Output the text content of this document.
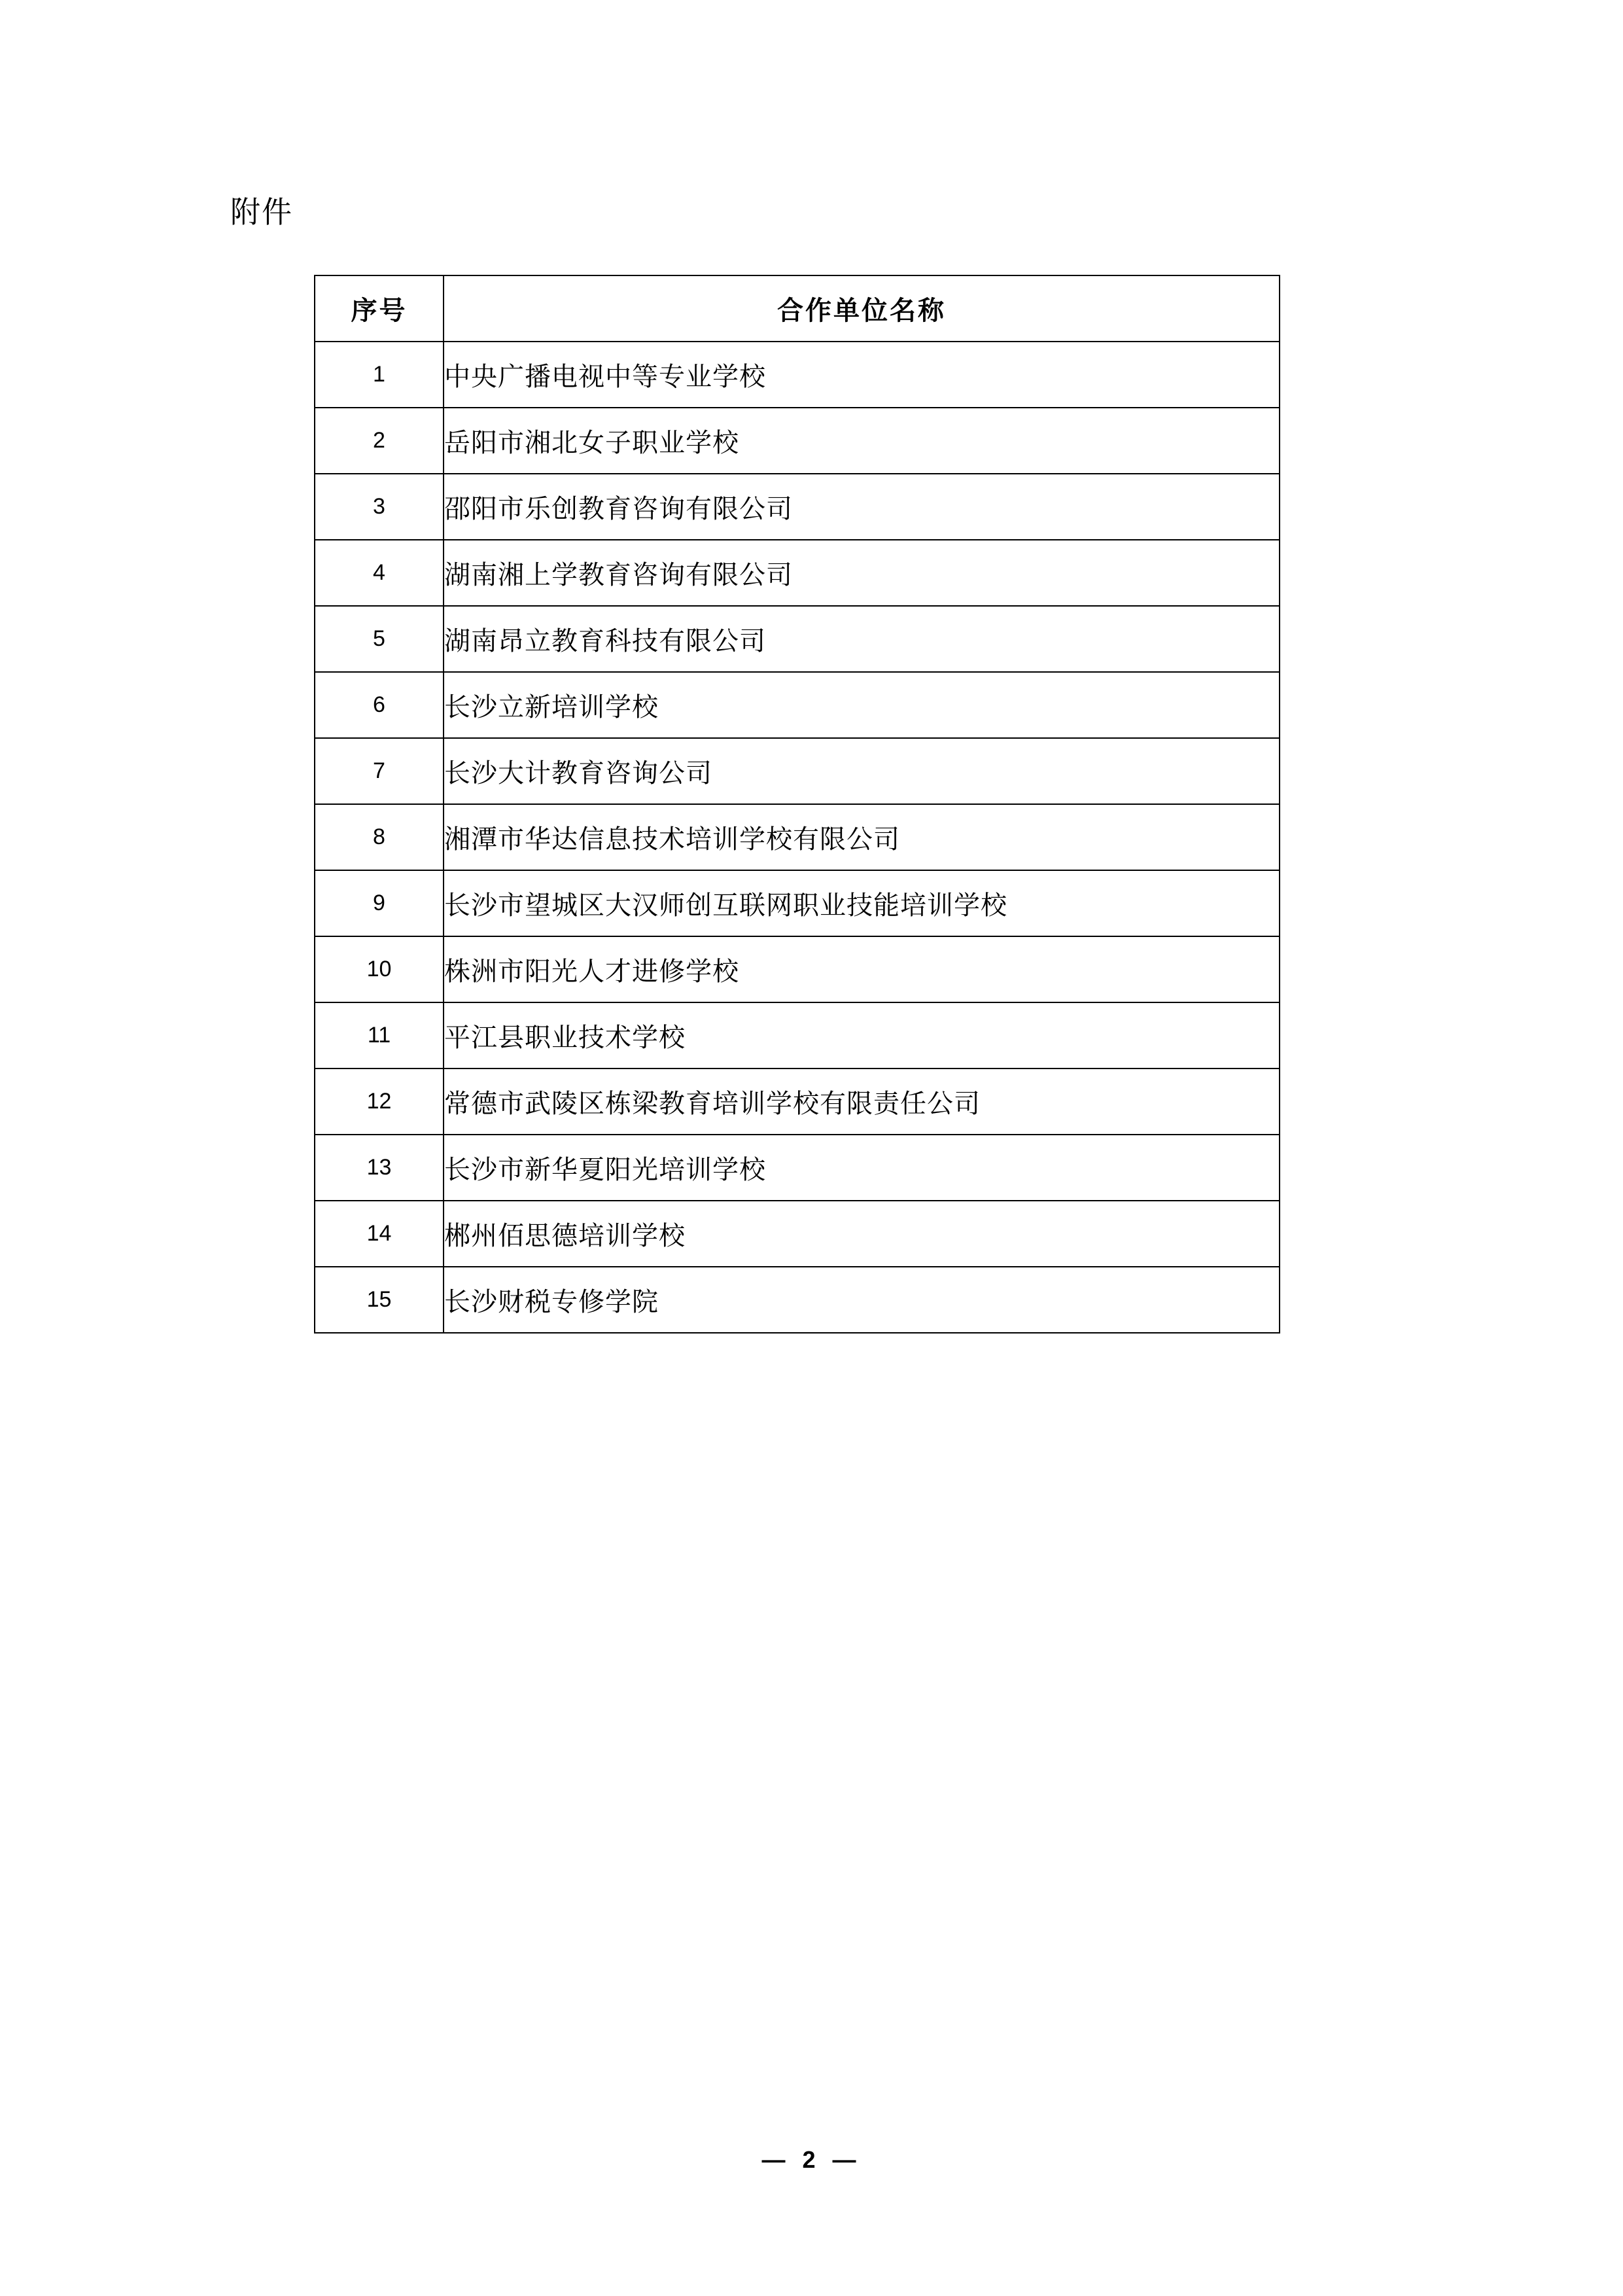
附件
序号	合作单位名称
1	中央广播电视中等专业学校
2	岳阳市湘北女子职业学校
3	邵阳市乐创教育咨询有限公司
4	湖南湘上学教育咨询有限公司
5	湖南昂立教育科技有限公司
6	长沙立新培训学校
7	长沙大计教育咨询公司
8	湘潭市华达信息技术培训学校有限公司
9	长沙市望城区大汉师创互联网职业技能培训学校
10	株洲市阳光人才进修学校
11	平江县职业技术学校
12	常德市武陵区栋梁教育培训学校有限责任公司
13	长沙市新华夏阳光培训学校
14	郴州佰思德培训学校
15	长沙财税专修学院
— 2 —
